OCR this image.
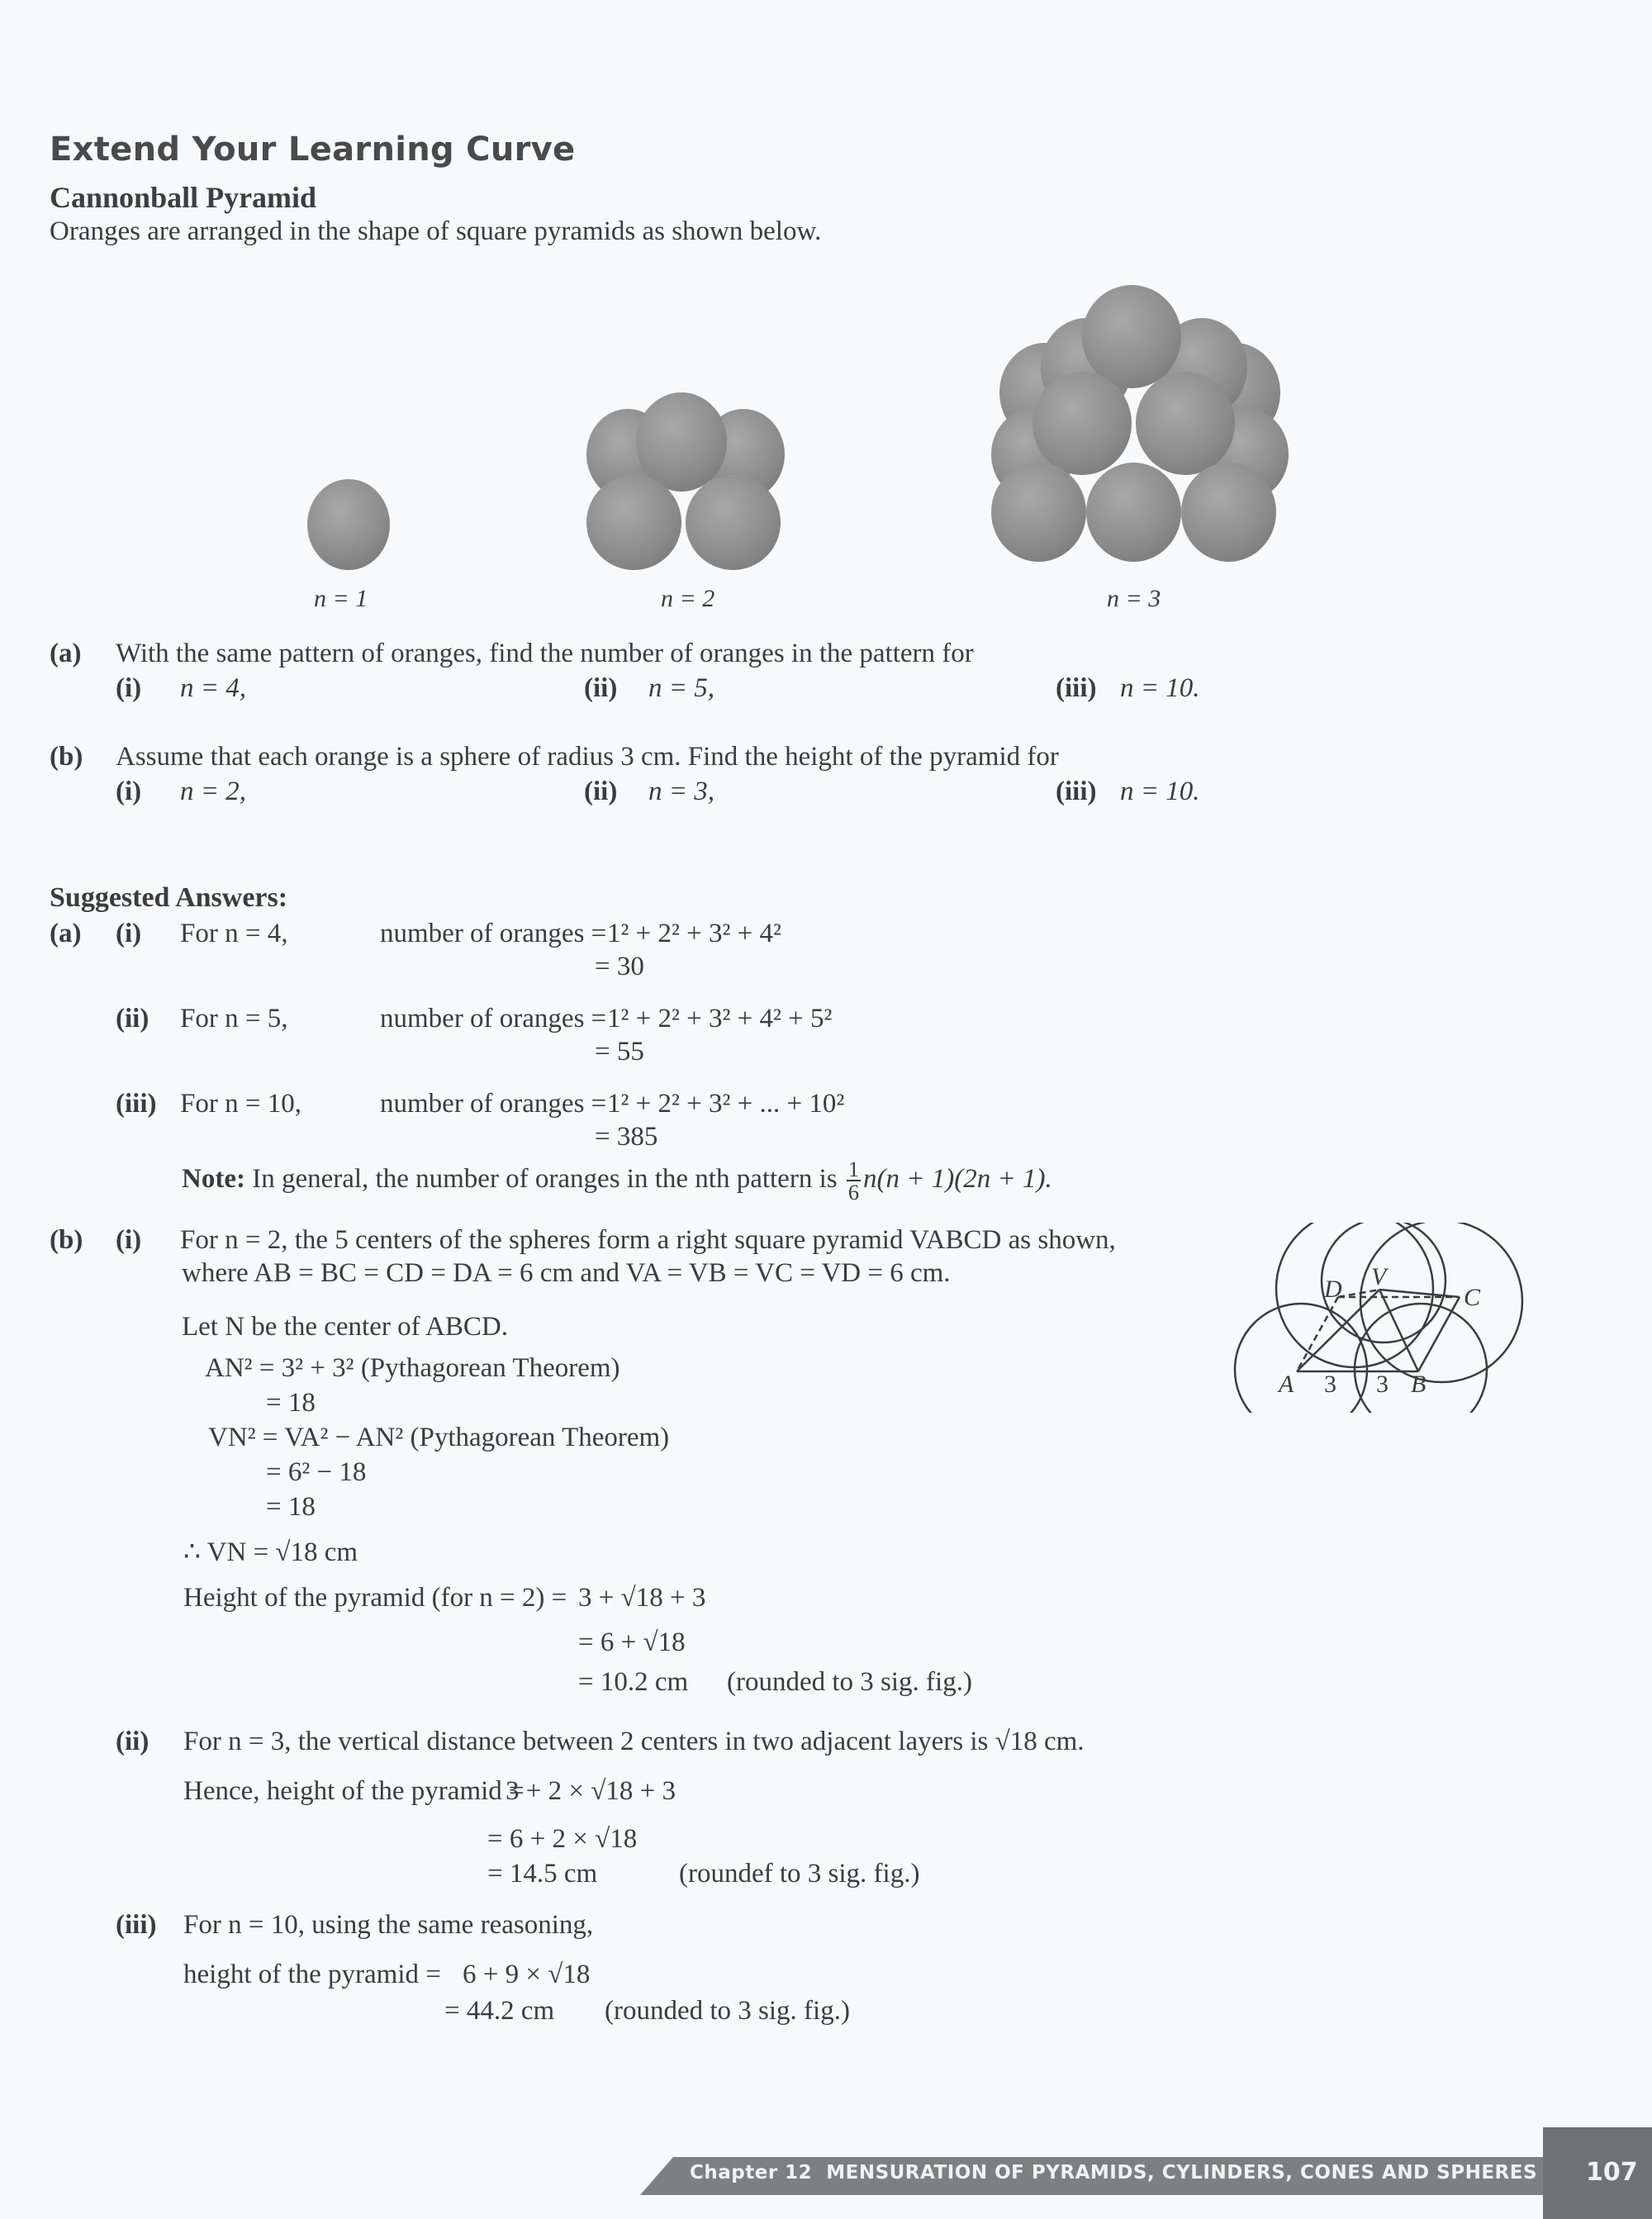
Extend Your Learning Curve
Cannonball Pyramid
Oranges are arranged in the shape of square pyramids as shown below.
n = 1	n = 2	n = 3
(a) With the same pattern of oranges, find the number of oranges in the pattern for
(i) n = 4,	(ii) n = 5,	(iii) n = 10.
(b) Assume that each orange is a sphere of radius 3 cm. Find the height of the pyramid for
(i) n = 2,	(ii) n = 3,	(iii) n = 10.
Suggested Answers:
(a) (i) For n = 4,	number of oranges = 1² + 2² + 3² + 4²
= 30
(ii) For n = 5,	number of oranges = 1² + 2² + 3² + 4² + 5²
= 55
(iii) For n = 10,	number of oranges = 1² + 2² + 3² + ... + 10²
= 385
Note: In general, the number of oranges in the nth pattern is $\frac{1}{6} n(n + 1)(2n + 1)$.
(b) (i) For n = 2, the 5 centers of the spheres form a right square pyramid VABCD as shown,
where AB = BC = CD = DA = 6 cm and VA = VB = VC = VD = 6 cm.
Let N be the center of ABCD.
AN² = 3² + 3² (Pythagorean Theorem)
= 18
VN² = VA² − AN² (Pythagorean Theorem)
= 6² − 18
= 18
∴ VN = √18 cm
Height of the pyramid (for n = 2) = 3 + √18 + 3
= 6 + √18
= 10.2 cm (rounded to 3 sig. fig.)
V
D	C
A	B
3 3
(ii) For n = 3, the vertical distance between 2 centers in two adjacent layers is √18 cm.
Hence, height of the pyramid =
3 + 2 × √18 + 3
= 6 + 2 × √18
= 14.5 cm	(roundef to 3 sig. fig.)
(iii) For n = 10, using the same reasoning,
height of the pyramid = 6 + 9 × √18
= 44.2 cm (rounded to 3 sig. fig.)
Chapter 12 MENSURATION OF PYRAMIDS, CYLINDERS, CONES AND SPHERES 107
